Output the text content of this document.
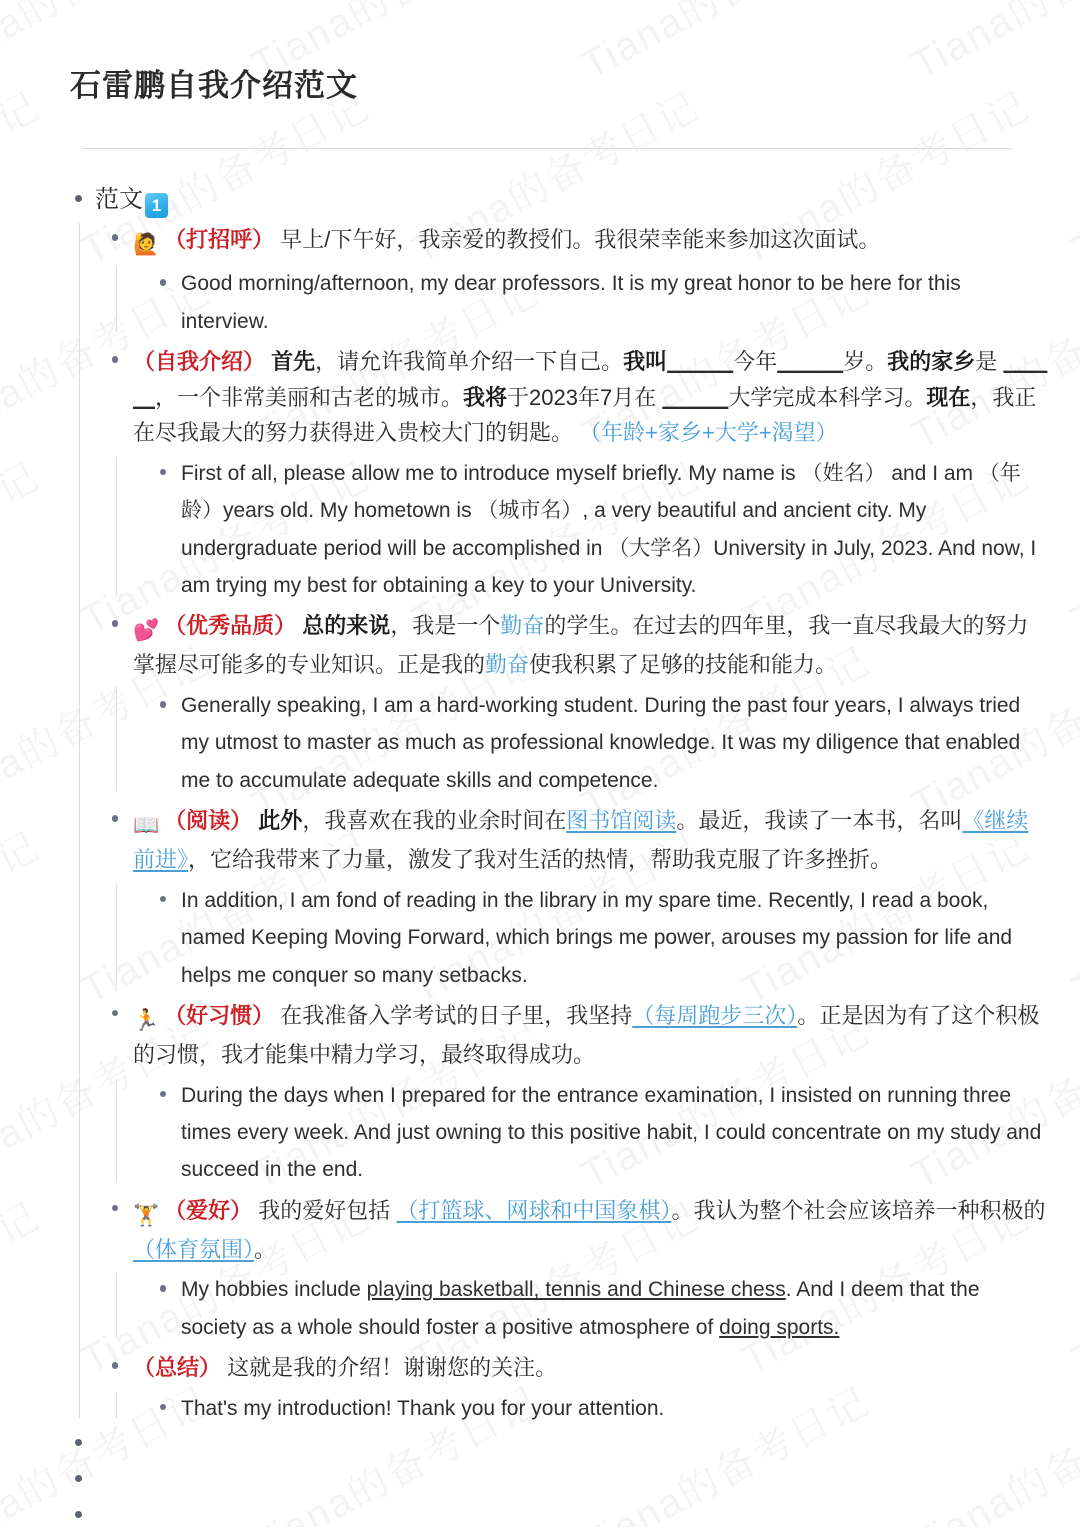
石雷鹏自我介绍范文
范文 1
🙋 （打招呼） 早上/下午好，我亲爱的教授们。我很荣幸能来参加这次面试。
Good morning/afternoon, my dear professors. It is my great honor to be here for this interview.
（自我介绍） 首先，请允许我简单介绍一下自己。我叫＿＿＿今年＿＿＿岁。我的家乡是 ＿＿＿，一个非常美丽和古老的城市。我将于2023年7月在 ＿＿＿大学完成本科学习。现在，我正在尽我最大的努力获得进入贵校大门的钥匙。 （年龄+家乡+大学+渴望）
First of all, please allow me to introduce myself briefly. My name is （姓名） and I am （年龄）years old. My hometown is （城市名）, a very beautiful and ancient city. My undergraduate period will be accomplished in （大学名）University in July, 2023. And now, I am trying my best for obtaining a key to your University.
💕 （优秀品质） 总的来说，我是一个勤奋的学生。在过去的四年里，我一直尽我最大的努力掌握尽可能多的专业知识。正是我的勤奋使我积累了足够的技能和能力。
Generally speaking, I am a hard-working student. During the past four years, I always tried my utmost to master as much as professional knowledge. It was my diligence that enabled me to accumulate adequate skills and competence.
📖 （阅读） 此外，我喜欢在我的业余时间在图书馆阅读。最近，我读了一本书，名叫《继续前进》，它给我带来了力量，激发了我对生活的热情，帮助我克服了许多挫折。
In addition, I am fond of reading in the library in my spare time. Recently, I read a book, named Keeping Moving Forward, which brings me power, arouses my passion for life and helps me conquer so many setbacks.
🏃 （好习惯） 在我准备入学考试的日子里，我坚持（每周跑步三次）。正是因为有了这个积极的习惯，我才能集中精力学习，最终取得成功。
During the days when I prepared for the entrance examination, I insisted on running three times every week. And just owning to this positive habit, I could concentrate on my study and succeed in the end.
🏋 （爱好） 我的爱好包括 （打篮球、网球和中国象棋）。我认为整个社会应该培养一种积极的（体育氛围）。
My hobbies include playing basketball, tennis and Chinese chess. And I deem that the society as a whole should foster a positive atmosphere of doing sports.
（总结） 这就是我的介绍！谢谢您的关注。
That's my introduction! Thank you for your attention.
